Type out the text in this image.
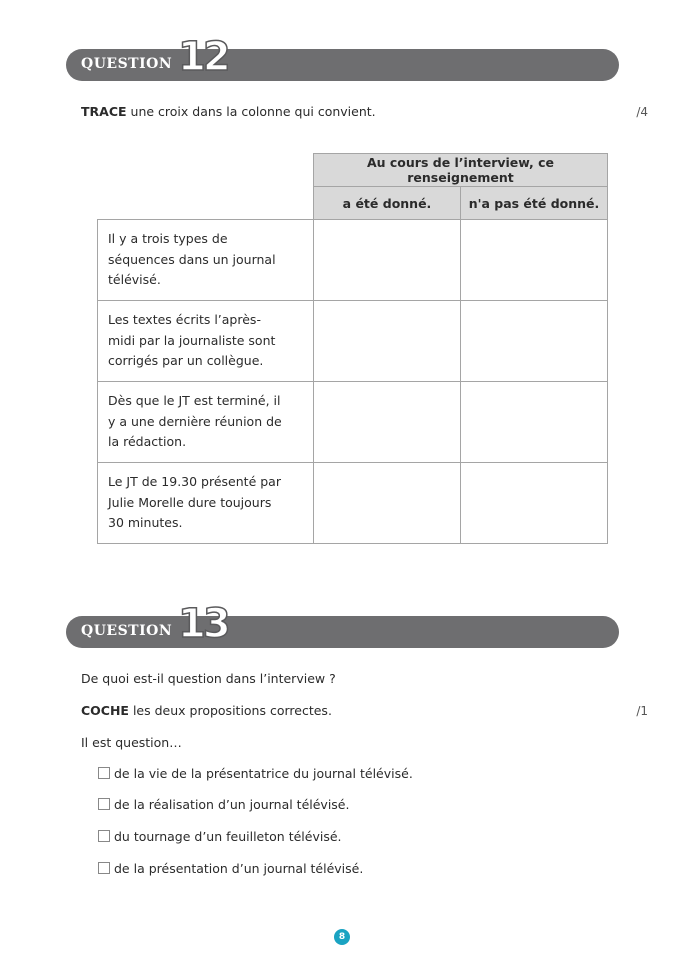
QUESTION 12
TRACE une croix dans la colonne qui convient.	/4
	Au cours de l’interview, ce renseignement	
	a été donné.	n'a pas été donné.
Il y a trois types de
séquences dans un journal
télévisé.		
Les textes écrits l’après-
midi par la journaliste sont
corrigés par un collègue.		
Dès que le JT est terminé, il
y a une dernière réunion de
la rédaction.		
Le JT de 19.30 présenté par
Julie Morelle dure toujours
30 minutes.		
QUESTION 13
De quoi est-il question dans l’interview ?
COCHE les deux propositions correctes.	/1
Il est question…
de la vie de la présentatrice du journal télévisé.
de la réalisation d’un journal télévisé.
du tournage d’un feuilleton télévisé.
de la présentation d’un journal télévisé.
8
